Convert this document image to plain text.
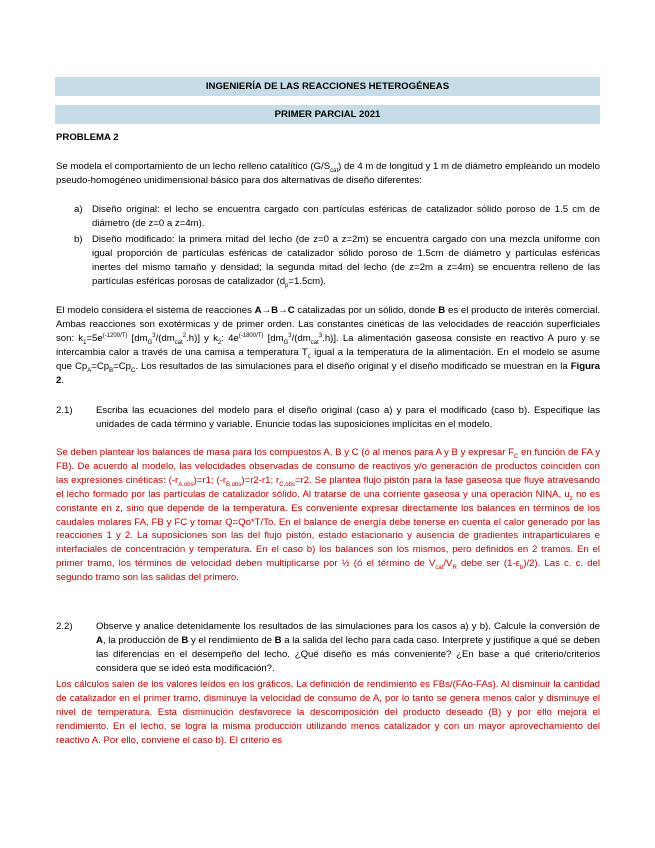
INGENIERÍA DE LAS REACCIONES HETEROGÉNEAS
PRIMER PARCIAL 2021
PROBLEMA 2
Se modela el comportamiento de un lecho relleno catalítico $(G/S_{cat})$ de 4 m de longitud y 1 m de diámetro empleando un modelo pseudo-homogéneo unidimensional básico para dos alternativas de diseño diferentes:
a) Diseño original: el lecho se encuentra cargado con partículas esféricas de catalizador sólido poroso de 1.5 cm de diámetro (de z=0 a z=4m).
b) Diseño modificado: la primera mitad del lecho (de z=0 a z=2m) se encuentra cargado con una mezcla uniforme con igual proporción de partículas esféricas de catalizador sólido poroso de 1.5cm de diámetro y partículas esféricas inertes del mismo tamaño y densidad; la segunda mitad del lecho (de z=2m a z=4m) se encuentra relleno de las partículas esféricas porosas de catalizador $(d_p=1.5cm)$.
El modelo considera el sistema de reacciones A→B→C catalizadas por un sólido, donde B es el producto de interés comercial. Ambas reacciones son exotérmicas y de primer orden. Las constantes cinéticas de las velocidades de reacción superficiales son: $k_1=5e^{(-1200/T)}$ $[dm_G^3/(dm_{cat}^2.h)]$ y $k_2$: $4e^{(-1800/T)}$ $[dm_G^3/(dm_{cat}^3.h)]$. La alimentación gaseosa consiste en reactivo A puro y se intercambia calor a través de una camisa a temperatura $T_c$ igual a la temperatura de la alimentación. En el modelo se asume que $Cp_A=Cp_B=Cp_C$. Los resultados de las simulaciones para el diseño original y el diseño modificado se muestran en la Figura 2.
2.1) Escriba las ecuaciones del modelo para el diseño original (caso a) y para el modificado (caso b). Especifique las unidades de cada término y variable. Enuncie todas las suposiciones implícitas en el modelo.
Se deben plantear los balances de masa para los compuestos A, B y C (ó al menos para A y B y expresar $F_C$ en función de FA y FB). De acuerdo al modelo, las velocidades observadas de consumo de reactivos y/o generación de productos coinciden con las expresiones cinéticas: $(-r_{A,obs})=r1$; $(-r_{B,obs})=r2-r1$; $r_{C,obs}=r2$. Se plantea flujo pistón para la fase gaseosa que fluye atravesando el lecho formado por las partículas de catalizador sólido. Al tratarse de una corriente gaseosa y una operación NINA, $u_z$ no es constante en z, sino que depende de la temperatura. Es conveniente expresar directamente los balances en términos de los caudales molares FA, FB y FC y tomar Q=Qo*T/To. En el balance de energía debe tenerse en cuenta el calor generado por las reacciones 1 y 2. La suposiciones son las del flujo pistón, estado estacionario y ausencia de gradientes intraparticulares e interfaciales de concentración y temperatura. En el caso b) los balances son los mismos, pero definidos en 2 tramos. En el primer tramo, los términos de velocidad deben multiplicarse por ½ (ó el término de $V_{cat}/V_R$ debe ser $(1-\varepsilon_b)/2$). Las c. c. del segundo tramo son las salidas del primero.
2.2) Observe y analice detenidamente los resultados de las simulaciones para los casos a) y b). Calcule la conversión de A, la producción de B y el rendimiento de B a la salida del lecho para cada caso. Interprete y justifique a qué se deben las diferencias en el desempeño del lecho. ¿Qué diseño es más conveniente? ¿En base a qué criterio/criterios considera que se ideó esta modificación?.
Los cálculos salen de los valores leídos en los gráficos. La definición de rendimiento es FBs/(FAo-FAs). Al disminuir la cantidad de catalizador en el primer tramo, disminuye la velocidad de consumo de A, por lo tanto se genera menos calor y disminuye el nivel de temperatura. Esta disminución desfavorece la descomposición del producto deseado (B) y por ello mejora el rendimiento. En el lecho, se logra la misma producción utilizando menos catalizador y con un mayor aprovechamiento del reactivo A. Por ello, conviene el caso b). El criterio es
